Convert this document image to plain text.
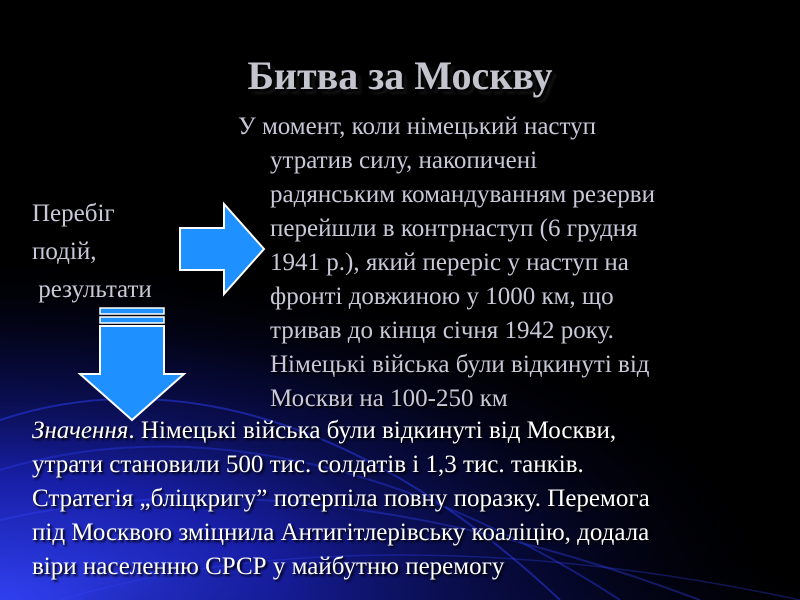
Битва за Москву
Перебіг
подій,
результати
У момент, коли німецький наступ
утратив силу, накопичені
радянським командуванням резерви
перейшли в контрнаступ (6 грудня
1941 р.), який переріс у наступ на
фронті довжиною у 1000 км, що
тривав до кінця січня 1942 року.
Німецькі війська були відкинуті від
Москви на 100-250 км
Значення. Німецькі війська були відкинуті від Москви,
утрати становили 500 тис. солдатів і 1,3 тис. танків.
Стратегія „бліцкригу” потерпіла повну поразку. Перемога
під Москвою зміцнила Антигітлерівську коаліцію, додала
віри населенню СРСР у майбутню перемогу
